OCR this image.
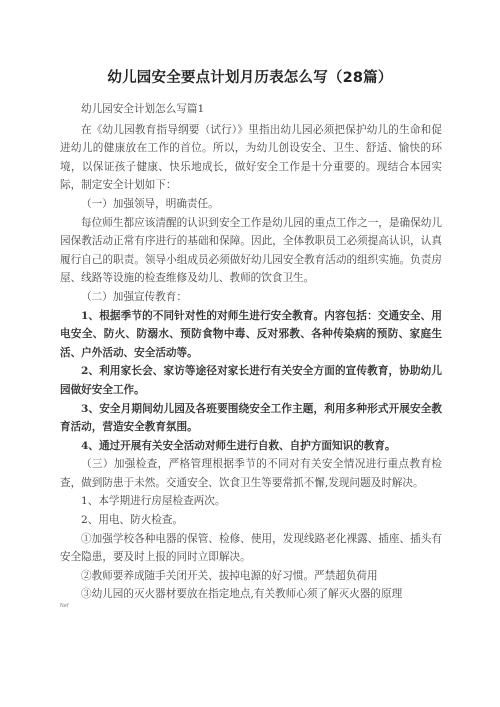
幼儿园安全要点计划月历表怎么写（28篇）

幼儿园安全计划怎么写篇1

在《幼儿园教育指导纲要（试行）》里指出幼儿园必须把保护幼儿的生命和促进幼儿的健康放在工作的首位。所以，为幼儿创设安全、卫生、舒适、愉快的环境，以保证孩子健康、快乐地成长，做好安全工作是十分重要的。现结合本园实际，制定安全计划如下：

（一）加强领导，明确责任。

每位师生都应该清醒的认识到安全工作是幼儿园的重点工作之一，是确保幼儿园保教活动正常有序进行的基础和保障。因此，全体教职员工必须提高认识，认真履行自己的职责。领导小组成员必须做好幼儿园安全教育活动的组织实施。负责房屋、线路等设施的检查维修及幼儿、教师的饮食卫生。

（二）加强宣传教育：

1、根据季节的不同针对性的对师生进行安全教育。内容包括：交通安全、用电安全、防火、防溺水、预防食物中毒、反对邪教、各种传染病的预防、家庭生活、户外活动、安全活动等。

2、利用家长会、家访等途径对家长进行有关安全方面的宣传教育，协助幼儿园做好安全工作。

3、安全月期间幼儿园及各班要围绕安全工作主题，利用多种形式开展安全教育活动，营造安全教育氛围。

4、通过开展有关安全活动对师生进行自救、自护方面知识的教育。

（三）加强检查，严格管理根据季节的不同对有关安全情况进行重点教育检查，做到防患于未然。交通安全、饮食卫生等要常抓不懈,发现问题及时解决。

1、本学期进行房屋检查两次。

2、用电、防火检查。

①加强学校各种电器的保管、检修、使用，发现线路老化裸露、插座、插头有安全隐患，要及时上报的同时立即解决。

②教师要养成随手关闭开关、拔掉电源的好习惯。严禁超负荷用

③幼儿园的灭火器材要放在指定地点,有关教师心须了解灭火器的原理

Nef
